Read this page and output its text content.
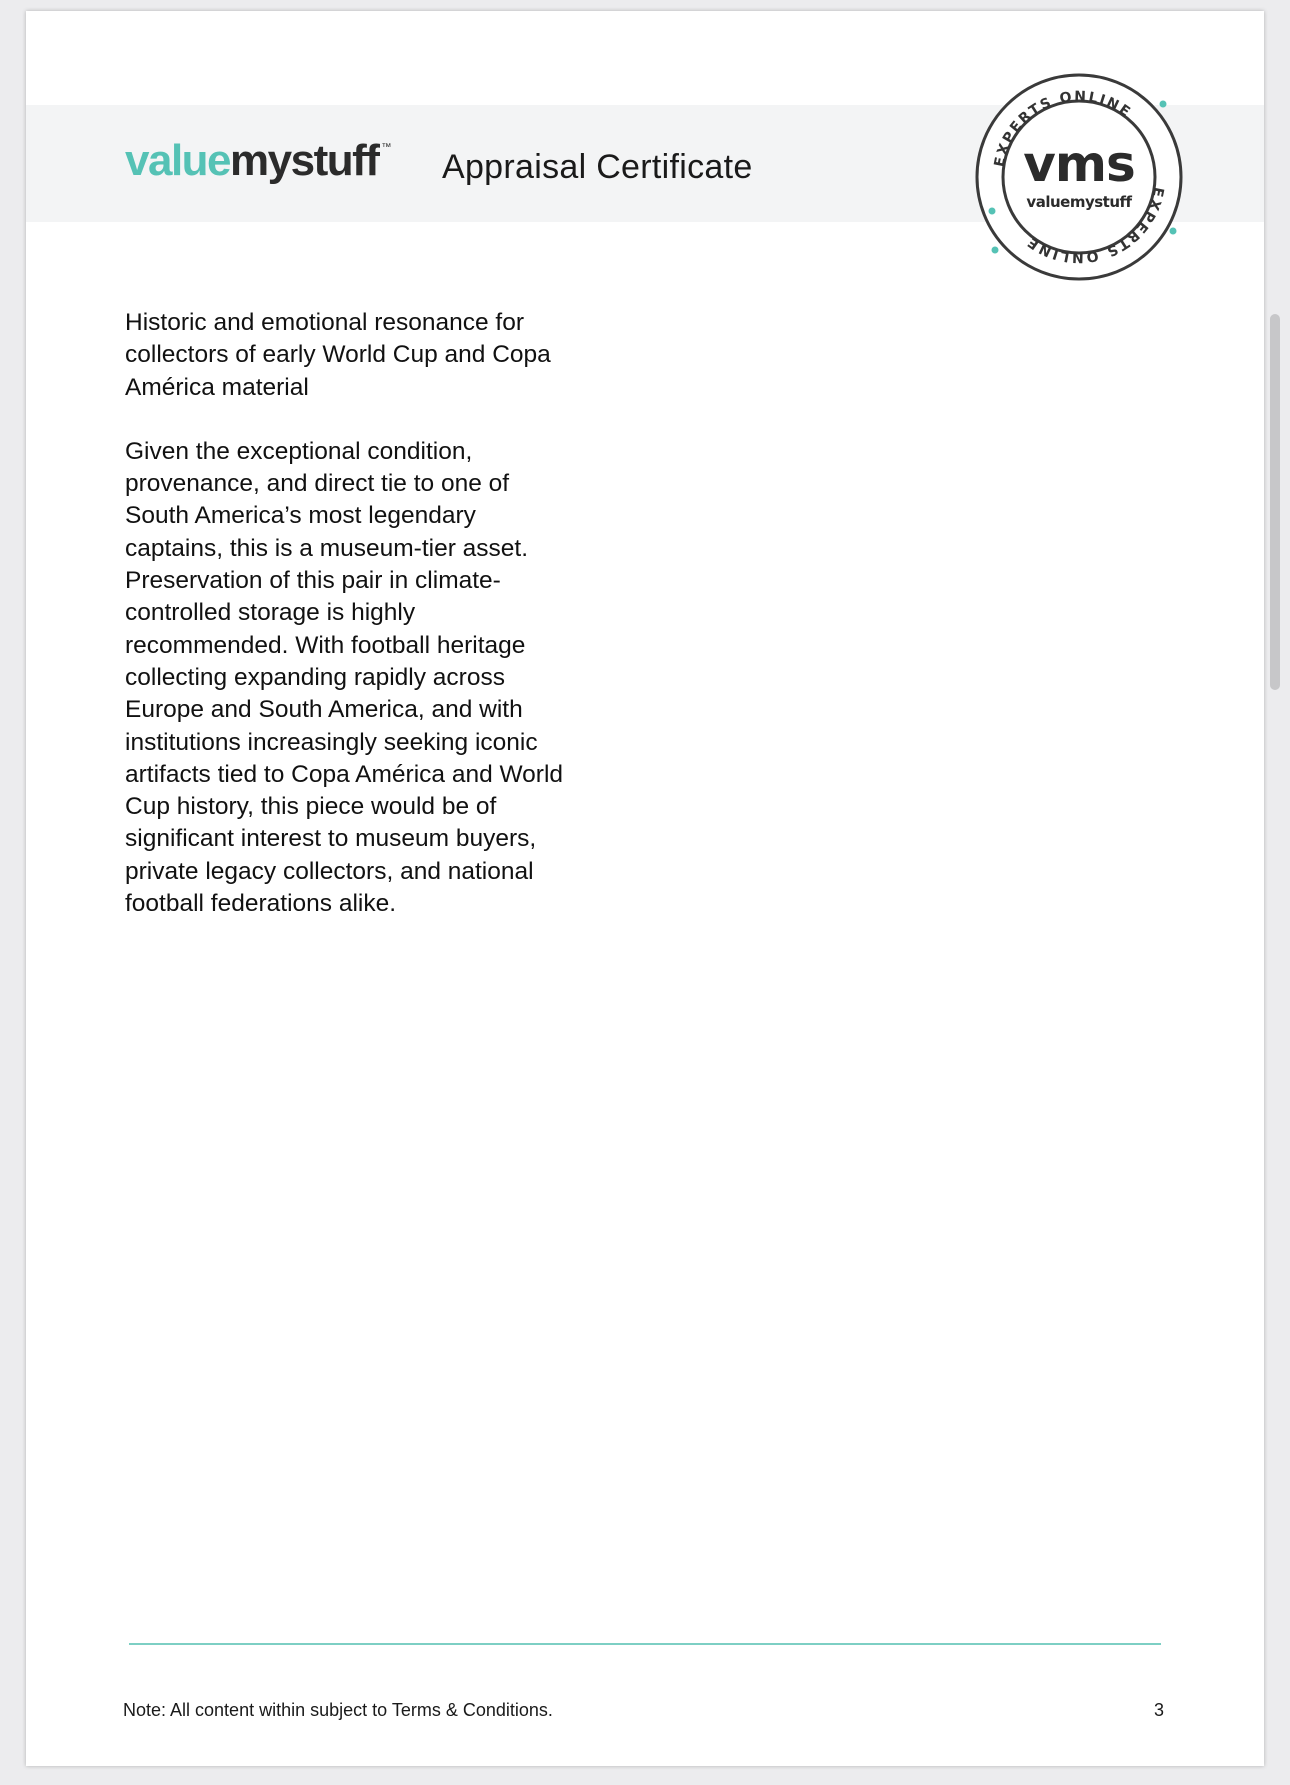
valuemystuff ™
Appraisal Certificate	EXPERTS ONLINE
EXPERTS ONLINE
vms
valuemystuff

Historic and emotional resonance for collectors of early World Cup and Copa América material

Given the exceptional condition, provenance, and direct tie to one of South America’s most legendary captains, this is a museum-tier asset. Preservation of this pair in climate-controlled storage is highly recommended. With football heritage collecting expanding rapidly across Europe and South America, and with institutions increasingly seeking iconic artifacts tied to Copa América and World Cup history, this piece would be of significant interest to museum buyers, private legacy collectors, and national football federations alike.

Note: All content within subject to Terms & Conditions.	3
